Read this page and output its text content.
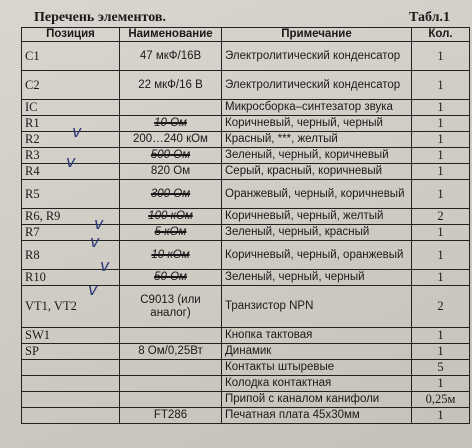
Перечень элементов.	Табл.1
Позиция	Наименование	Примечание	Кол.
C1	47 мкФ/16В	Электролитический конденсатор	1
C2	22 мкФ/16 В	Электролитический конденсатор	1
IC		Микросборка–синтезатор звука	1
R1	10 Ом	Коричневый, черный, черный	1
R2	200…240 кОм	Красный, ***, желтый	1
R3	500 Ом	Зеленый, черный, коричневый	1
R4	820 Ом	Серый, красный, коричневый	1
R5	300 Ом	Оранжевый, черный, коричневый	1
R6, R9	100 кОм	Коричневый, черный, желтый	2
R7	5 кОм	Зеленый, черный, красный	1
R8	10 кОм	Коричневый, черный, оранжевый	1
R10	50 Ом	Зеленый, черный, черный	1
VT1, VT2	C9013 (или аналог)	Транзистор NPN	2
SW1		Кнопка тактовая	1
SP	8 Ом/0,25Вт	Динамик	1
		Контакты штыревые	5
		Колодка контактная	1
		Припой с каналом канифоли	0,25м
	FT286	Печатная плата 45х30мм	1
v
v
v
v
v
v
